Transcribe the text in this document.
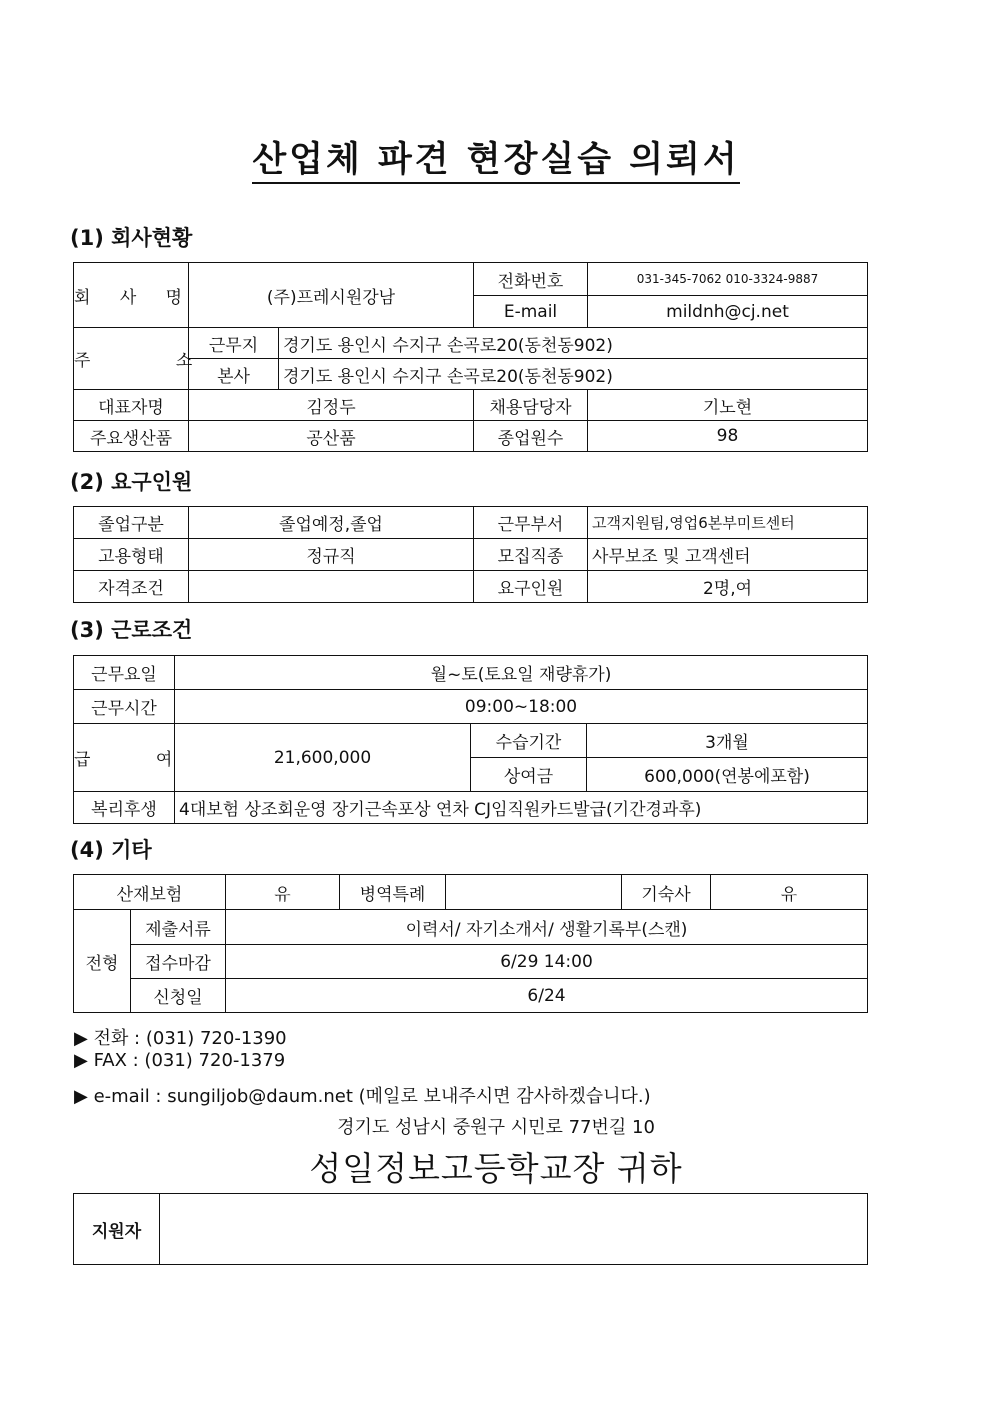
산업체 파견 현장실습 의뢰서
(1) 회사현황
회 사 명	(주)프레시원강남		전화번호	031-345-7062 010-3324-9887
			E-mail	mildnh@cj.net
주 소	근무지	경기도 용인시 수지구 손곡로20(동천동902)		
	본사	경기도 용인시 수지구 손곡로20(동천동902)		
대표자명	김정두		채용담당자	기노현
주요생산품	공산품		종업원수	98
(2) 요구인원
졸업구분	졸업예정,졸업	근무부서	고객지원팀,영업6본부미트센터
고용형태	정규직	모집직종	사무보조 및 고객센터
자격조건		요구인원	2명,여
(3) 근로조건
근무요일	월~토(토요일 재량휴가)		
근무시간	09:00~18:00		
급 여	21,600,000	수습기간	3개월
		상여금	600,000(연봉에포함)
복리후생	4대보험 상조회운영 장기근속포상 연차 CJ임직원카드발급(기간경과후)		
(4) 기타
산재보험		유	병역특례		기숙사	유
전형	제출서류	이력서/ 자기소개서/ 생활기록부(스캔)				
	접수마감	6/29 14:00				
	신청일	6/24				
▶ 전화 : (031) 720-1390
▶ FAX : (031) 720-1379
▶ e-mail : sungiljob@daum.net (메일로 보내주시면 감사하겠습니다.)
경기도 성남시 중원구 시민로 77번길 10
성일정보고등학교장 귀하
지원자	
